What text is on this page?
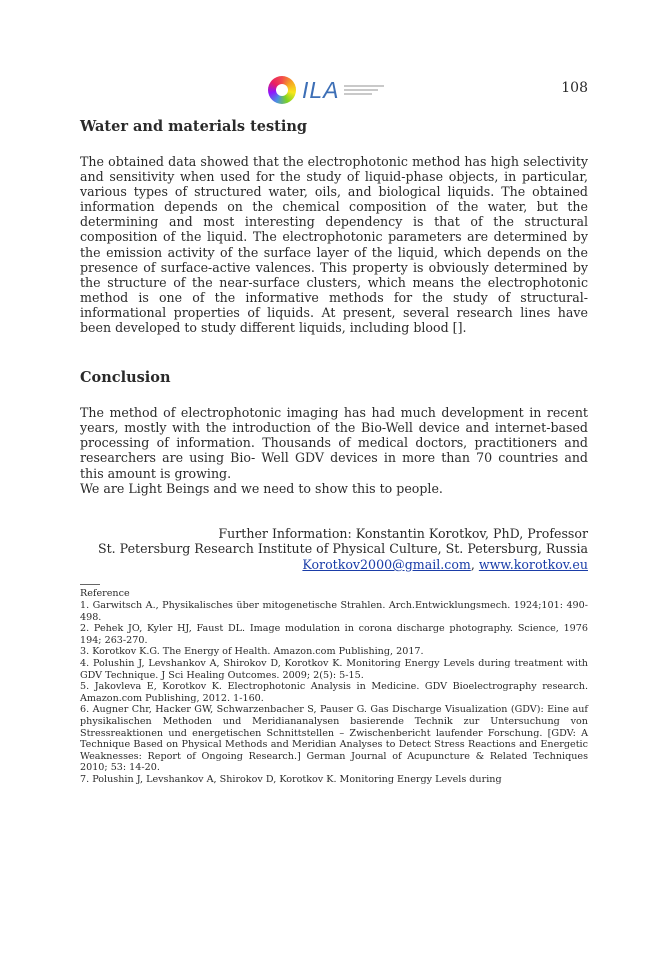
ILA	108
Water and materials testing

The obtained data showed that the electrophotonic method has high selectivity and sensitivity when used for the study of liquid-phase objects, in particular, various types of structured water, oils, and biological liquids. The obtained information depends on the chemical composition of the water, but the determining and most interesting dependency is that of the structural composition of the liquid. The electrophotonic parameters are determined by the emission activity of the surface layer of the liquid, which depends on the presence of surface-active valences. This property is obviously determined by the structure of the near-surface clusters, which means the electrophotonic method is one of the informative methods for the study of structural-informational properties of liquids. At present, several research lines have been developed to study different liquids, including blood [].

Conclusion

The method of electrophotonic imaging has had much development in recent years, mostly with the introduction of the Bio-Well device and internet-based processing of information. Thousands of medical doctors, practitioners and researchers are using Bio- Well GDV devices in more than 70 countries and this amount is growing.

We are Light Beings and we need to show this to people.

Further Information: Konstantin Korotkov, PhD, Professor
St. Petersburg Research Institute of Physical Culture, St. Petersburg, Russia
Korotkov2000@gmail.com, www.korotkov.eu

Reference

1. Garwitsch A., Physikalisches über mitogenetische Strahlen. Arch.Entwicklungsmech. 1924;101: 490-498.

2. Pehek JO, Kyler HJ, Faust DL. Image modulation in corona discharge photography. Science, 1976 194; 263-270.

3. Korotkov K.G. The Energy of Health. Amazon.com Publishing, 2017.

4. Polushin J, Levshankov A, Shirokov D, Korotkov K. Monitoring Energy Levels during treatment with GDV Technique. J Sci Healing Outcomes. 2009; 2(5): 5-15.

5. Jakovleva E, Korotkov K. Electrophotonic Analysis in Medicine. GDV Bioelectrography research. Amazon.com Publishing, 2012. 1-160.

6. Augner Chr, Hacker GW, Schwarzenbacher S, Pauser G. Gas Discharge Visualization (GDV): Eine auf physikalischen Methoden und Meridiananalysen basierende Technik zur Untersuchung von Stressreaktionen und energetischen Schnittstellen – Zwischenbericht laufender Forschung. [GDV: A Technique Based on Physical Methods and Meridian Analyses to Detect Stress Reactions and Energetic Weaknesses: Report of Ongoing Research.] German Journal of Acupuncture & Related Techniques 2010; 53: 14-20.

7. Polushin J, Levshankov A, Shirokov D, Korotkov K. Monitoring Energy Levels during
